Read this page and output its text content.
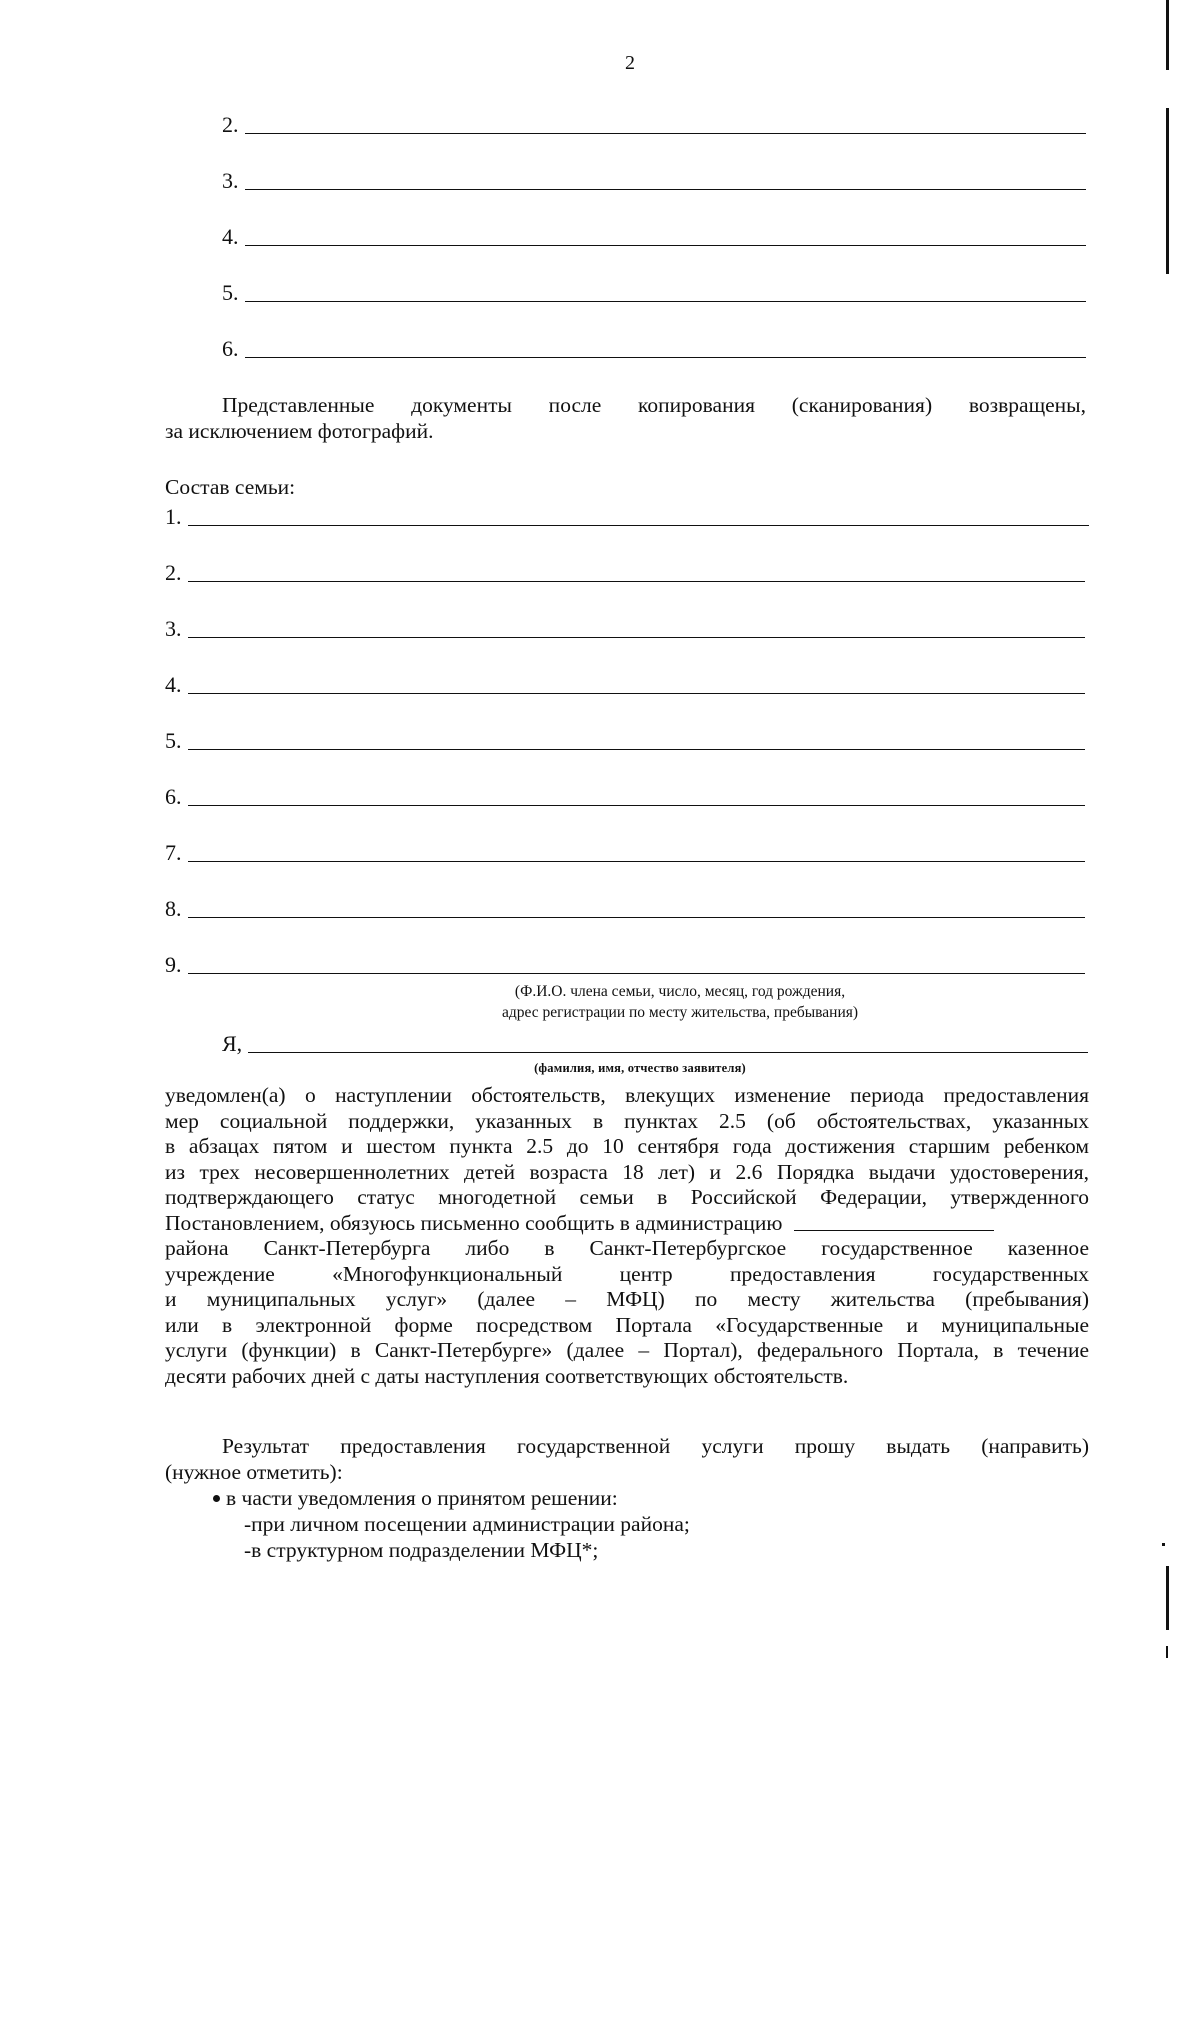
2
2.
3.
4.
5.
6.
Представленные документы после копирования (сканирования) возвращены,
за исключением фотографий.
Состав семьи:
1.
2.
3.
4.
5.
6.
7.
8.
9.
(Ф.И.О. члена семьи, число, месяц, год рождения,
адрес регистрации по месту жительства, пребывания)
Я,
(фамилия, имя, отчество заявителя)
уведомлен(а) о наступлении обстоятельств, влекущих изменение периода предоставления
мер социальной поддержки, указанных в пунктах 2.5 (об обстоятельствах, указанных
в абзацах пятом и шестом пункта 2.5 до 10 сентября года достижения старшим ребенком
из трех несовершеннолетних детей возраста 18 лет) и 2.6 Порядка выдачи удостоверения,
подтверждающего статус многодетной семьи в Российской Федерации, утвержденного
Постановлением, обязуюсь письменно сообщить в администрацию
района Санкт-Петербурга либо в Санкт-Петербургское государственное казенное
учреждение «Многофункциональный центр предоставления государственных
и муниципальных услуг» (далее – МФЦ) по месту жительства (пребывания)
или в электронной форме посредством Портала «Государственные и муниципальные
услуги (функции) в Санкт-Петербурге» (далее – Портал), федерального Портала, в течение
десяти рабочих дней с даты наступления соответствующих обстоятельств.
Результат предоставления государственной услуги прошу выдать (направить)
(нужное отметить):
в части уведомления о принятом решении:
-при личном посещении администрации района;
-в структурном подразделении МФЦ*;
